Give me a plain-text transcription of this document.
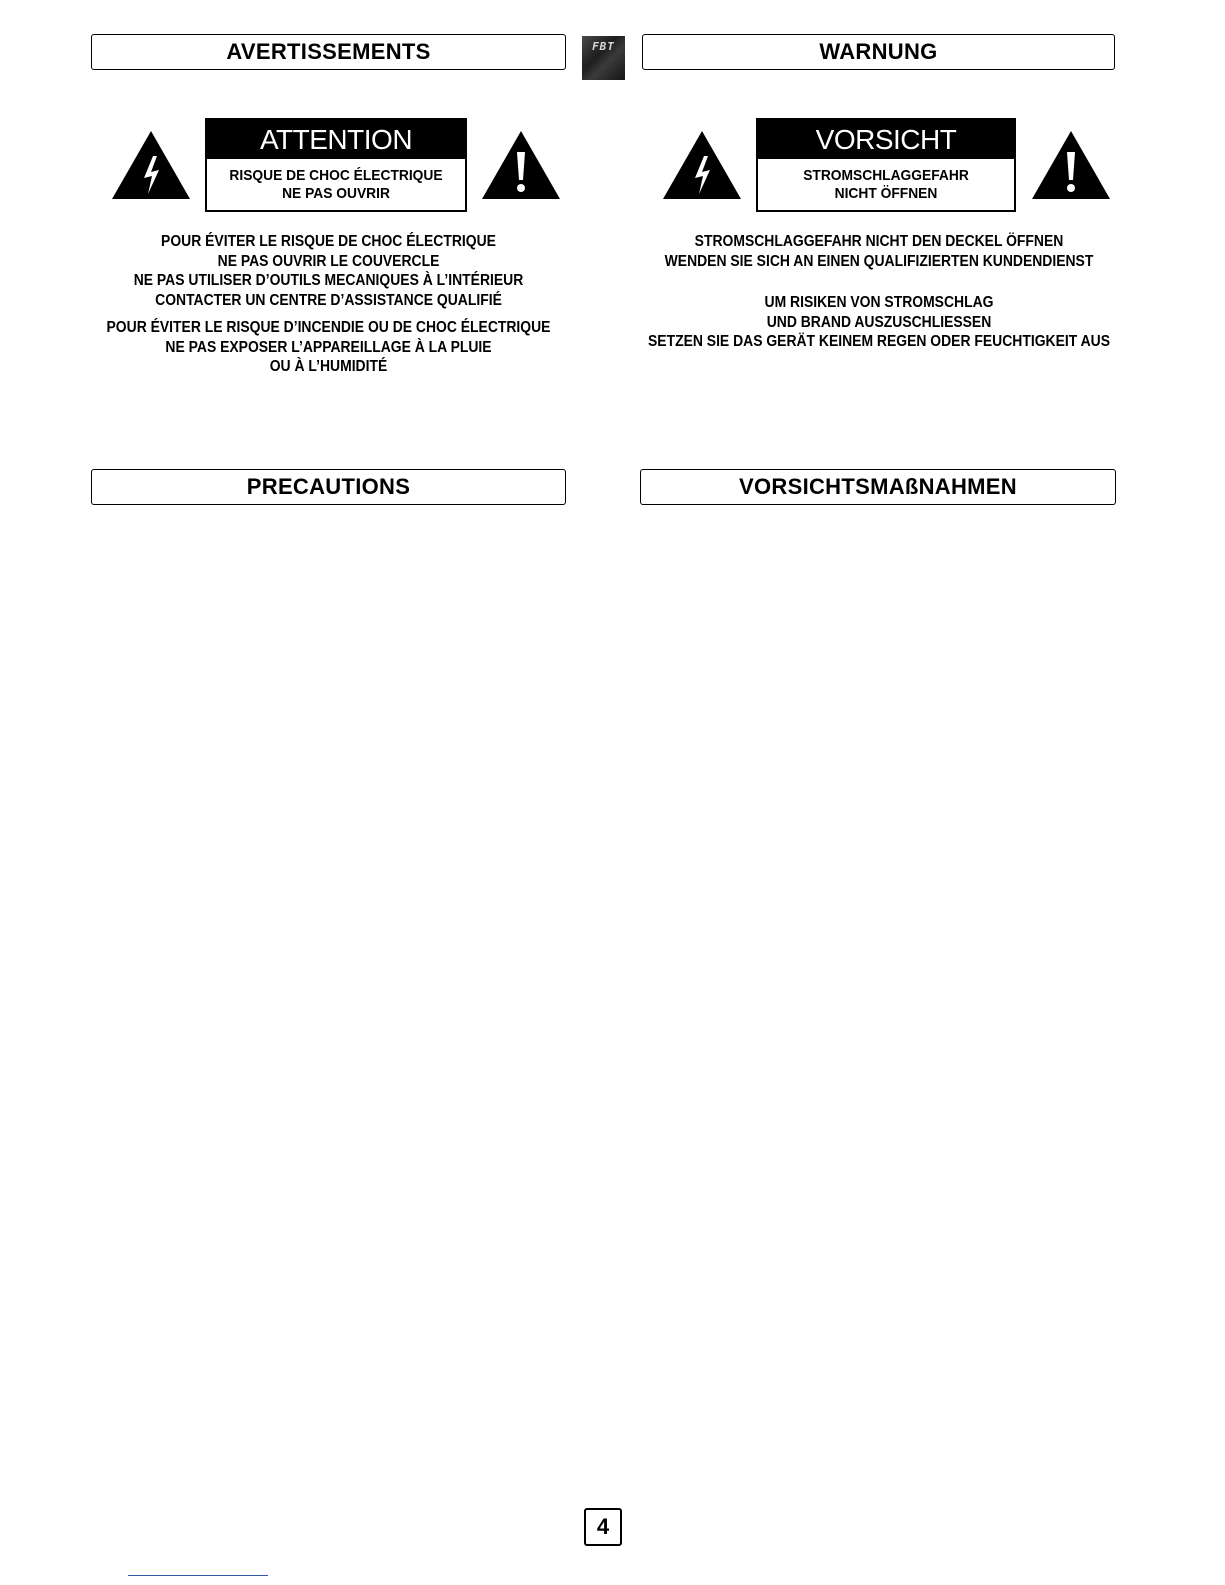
AVERTISSEMENTS	FBT	WARNUNG
ATTENTION
RISQUE DE CHOC ÉLECTRIQUE
NE PAS OUVRIR
VORSICHT
STROMSCHLAGGEFAHR
NICHT ÖFFNEN
POUR ÉVITER LE RISQUE DE CHOC ÉLECTRIQUE
NE PAS OUVRIR LE COUVERCLE
NE PAS UTILISER D’OUTILS MECANIQUES À L’INTÉRIEUR
CONTACTER UN CENTRE D’ASSISTANCE QUALIFIÉ
POUR ÉVITER LE RISQUE D’INCENDIE OU DE CHOC ÉLECTRIQUE
NE PAS EXPOSER L’APPAREILLAGE À LA PLUIE
OU À L’HUMIDITÉ
STROMSCHLAGGEFAHR NICHT DEN DECKEL ÖFFNEN
WENDEN SIE SICH AN EINEN QUALIFIZIERTEN KUNDENDIENST
UM RISIKEN VON STROMSCHLAG
UND BRAND AUSZUSCHLIESSEN
SETZEN SIE DAS GERÄT KEINEM REGEN ODER FEUCHTIGKEIT AUS
PRECAUTIONS	VORSICHTSMAßNAHMEN
4
